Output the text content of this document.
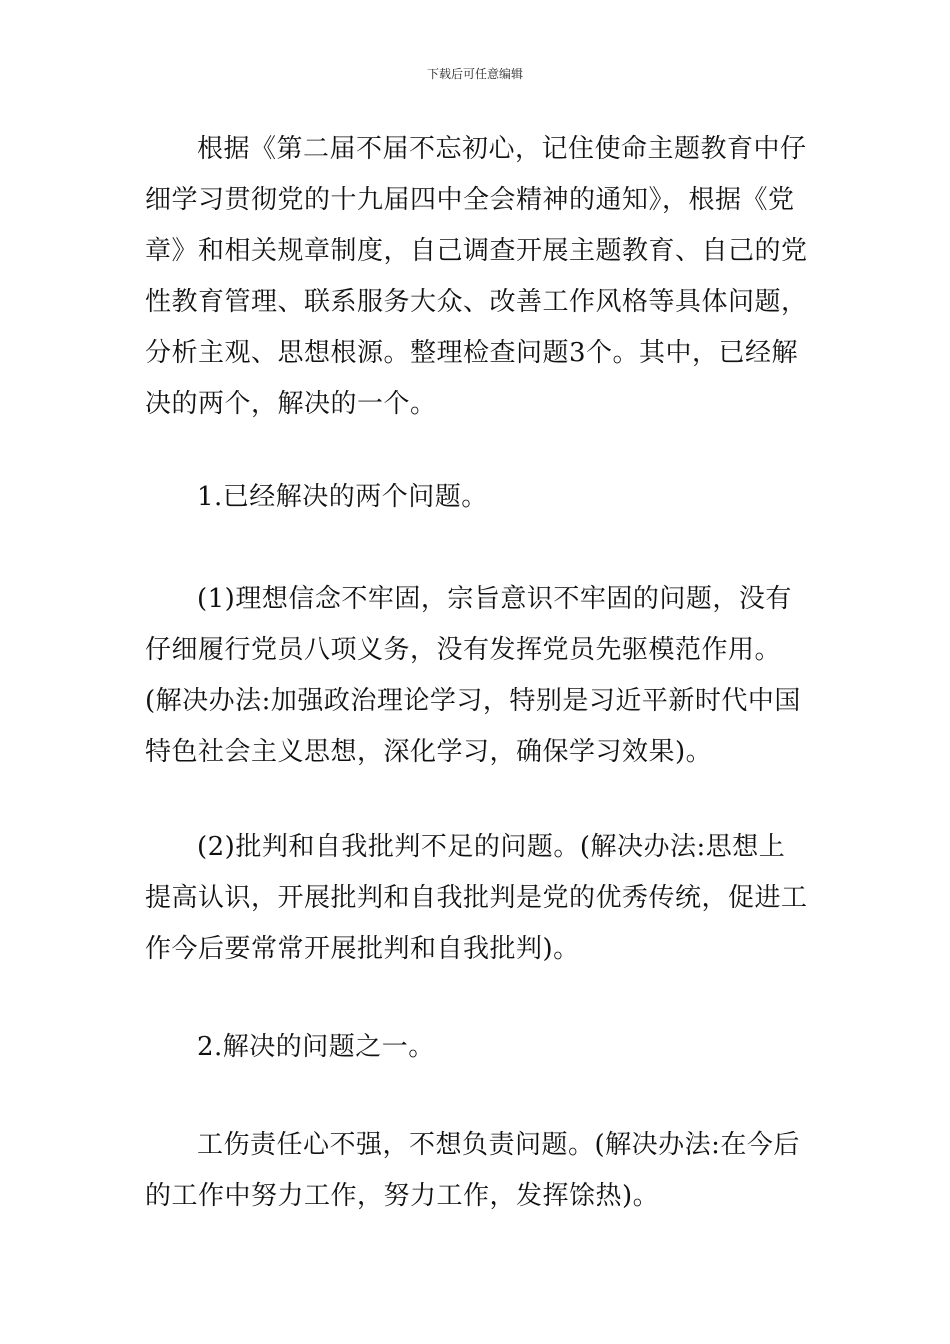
下载后可任意编辑

根据《第二届不届不忘初心，记住使命主题教育中仔细学习贯彻党的十九届四中全会精神的通知》，根据《党章》和相关规章制度，自己调查开展主题教育、自己的党性教育管理、联系服务大众、改善工作风格等具体问题，分析主观、思想根源。整理检查问题3个。其中，已经解决的两个，解决的一个。

1.已经解决的两个问题。

(1)理想信念不牢固，宗旨意识不牢固的问题，没有仔细履行党员八项义务，没有发挥党员先驱模范作用。(解决办法:加强政治理论学习，特别是习近平新时代中国特色社会主义思想，深化学习，确保学习效果)。

(2)批判和自我批判不足的问题。(解决办法:思想上提高认识，开展批判和自我批判是党的优秀传统，促进工作今后要常常开展批判和自我批判)。

2.解决的问题之一。

工伤责任心不强，不想负责问题。(解决办法:在今后的工作中努力工作，努力工作，发挥馀热)。
